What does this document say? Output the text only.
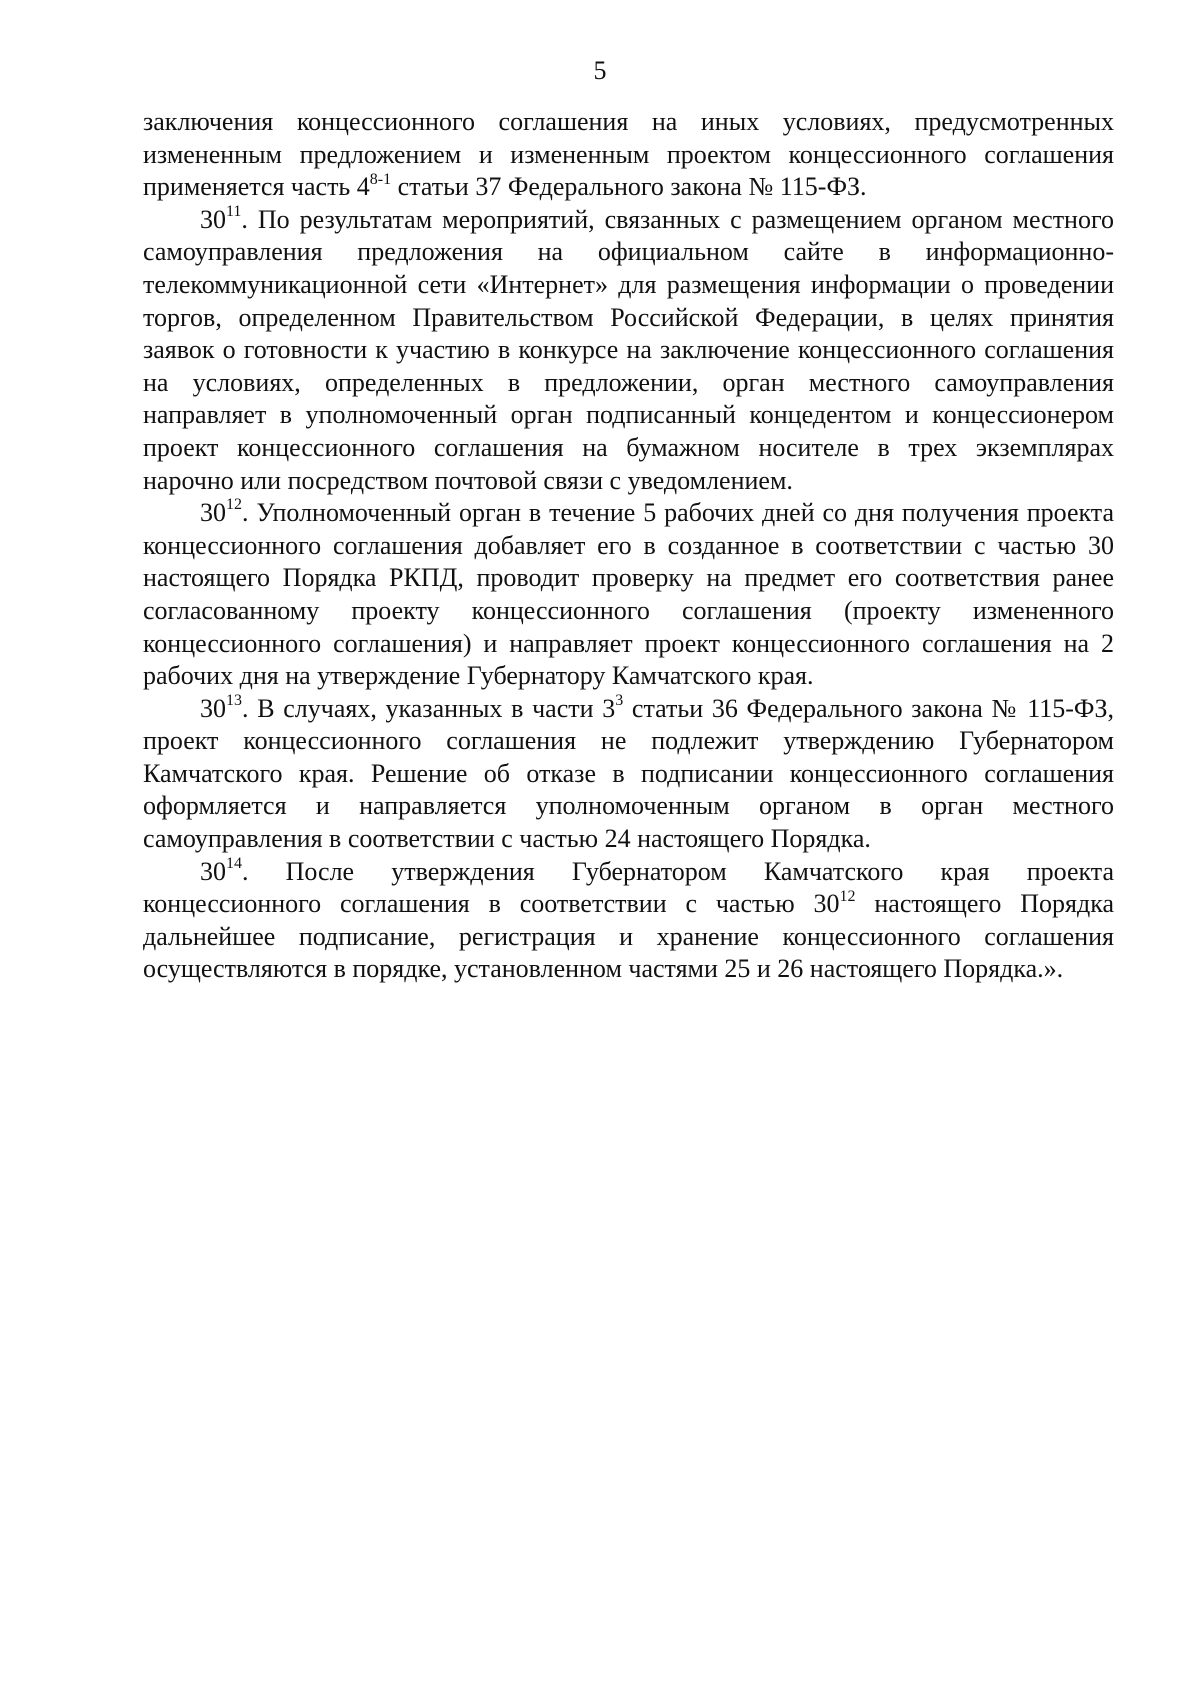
5

заключения концессионного соглашения на иных условиях, предусмотренных измененным предложением и измененным проектом концессионного соглашения применяется часть 4$^{8-1}$ статьи 37 Федерального закона № 115-ФЗ.

$30^{11}$. По результатам мероприятий, связанных с размещением органом местного самоуправления предложения на официальном сайте в информационно-телекоммуникационной сети «Интернет» для размещения информации о проведении торгов, определенном Правительством Российской Федерации, в целях принятия заявок о готовности к участию в конкурсе на заключение концессионного соглашения на условиях, определенных в предложении, орган местного самоуправления направляет в уполномоченный орган подписанный концедентом и концессионером проект концессионного соглашения на бумажном носителе в трех экземплярах нарочно или посредством почтовой связи с уведомлением.

$30^{12}$. Уполномоченный орган в течение 5 рабочих дней со дня получения проекта концессионного соглашения добавляет его в созданное в соответствии с частью 30 настоящего Порядка РКПД, проводит проверку на предмет его соответствия ранее согласованному проекту концессионного соглашения (проекту измененного концессионного соглашения) и направляет проект концессионного соглашения на 2 рабочих дня на утверждение Губернатору Камчатского края.

$30^{13}$. В случаях, указанных в части $3^3$ статьи 36 Федерального закона № 115-ФЗ, проект концессионного соглашения не подлежит утверждению Губернатором Камчатского края. Решение об отказе в подписании концессионного соглашения оформляется и направляется уполномоченным органом в орган местного самоуправления в соответствии с частью 24 настоящего Порядка.

$30^{14}$. После утверждения Губернатором Камчатского края проекта концессионного соглашения в соответствии с частью $30^{12}$ настоящего Порядка дальнейшее подписание, регистрация и хранение концессионного соглашения осуществляются в порядке, установленном частями 25 и 26 настоящего Порядка.».
